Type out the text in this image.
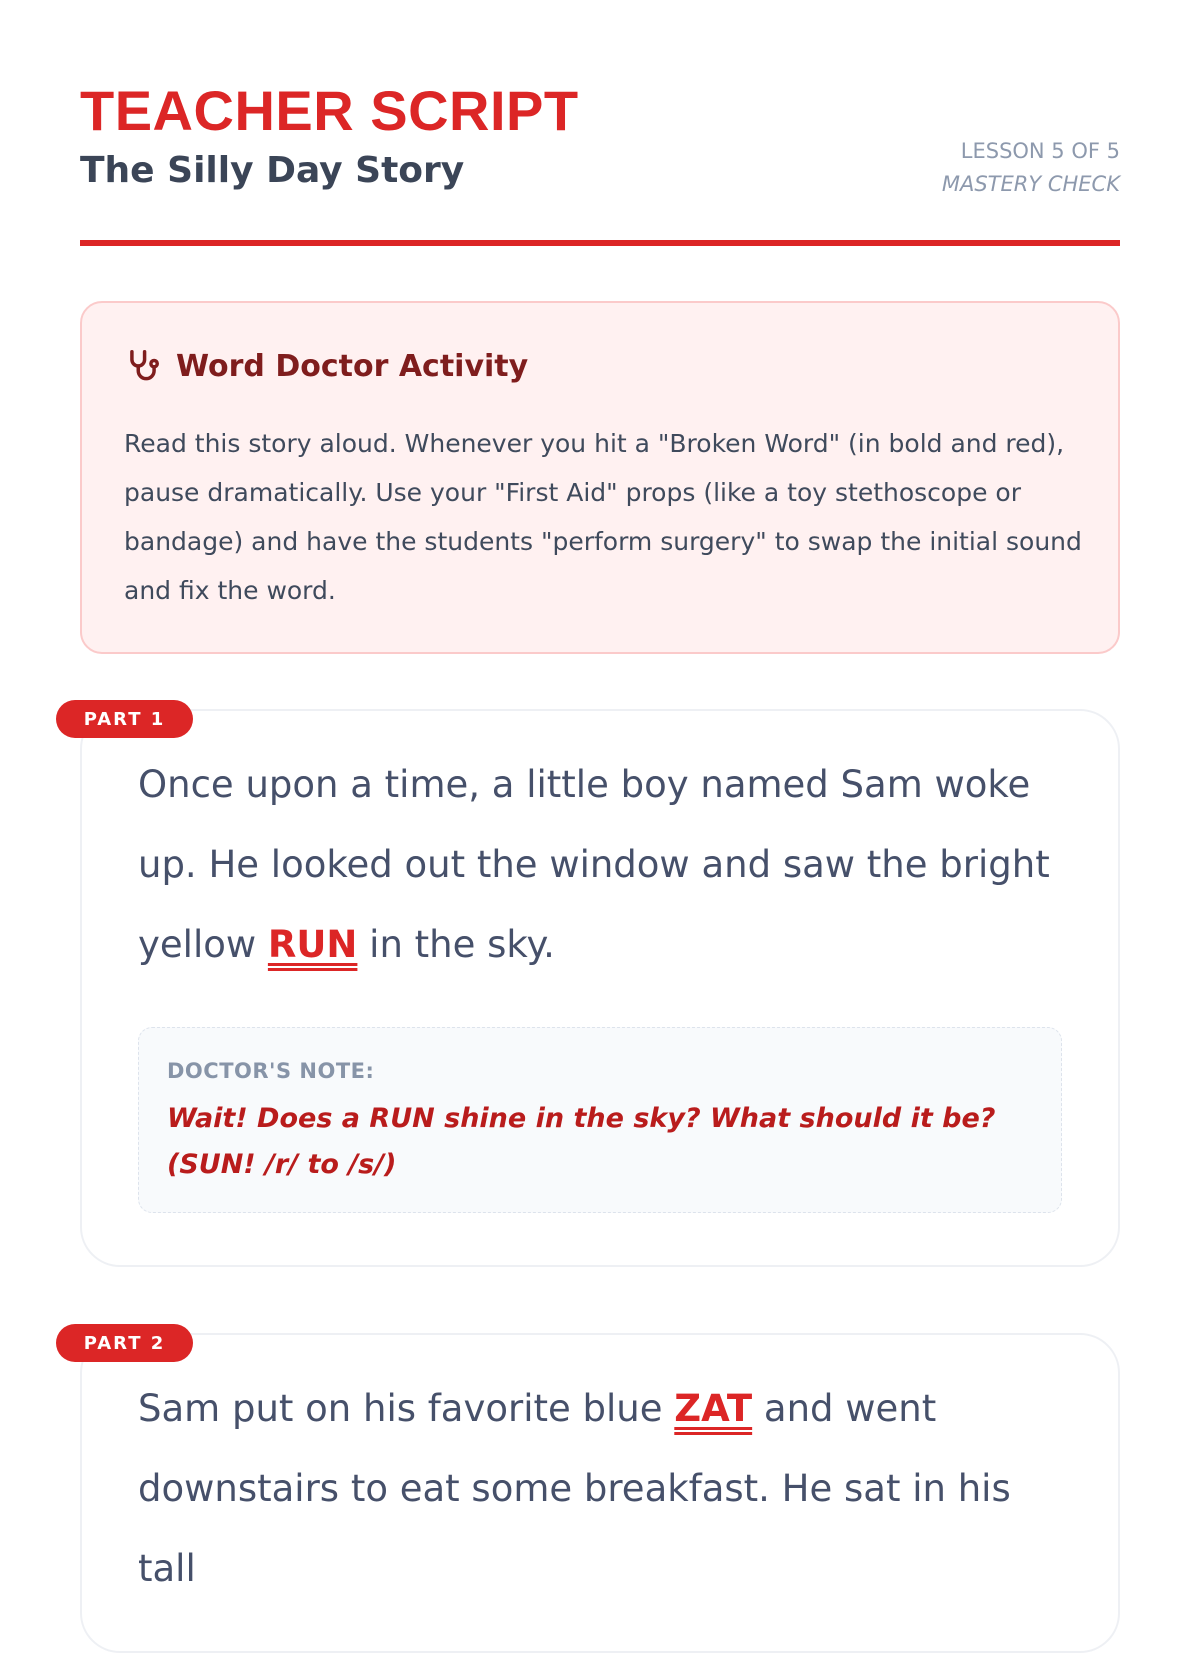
TEACHER SCRIPT
The Silly Day Story	LESSON 5 OF 5
MASTERY CHECK
Word Doctor Activity
Read this story aloud. Whenever you hit a "Broken Word" (in bold and red), pause dramatically. Use your "First Aid" props (like a toy stethoscope or bandage) and have the students "perform surgery" to swap the initial sound and fix the word.
Once upon a time, a little boy named Sam woke up. He looked out the window and saw the bright yellow RUN in the sky.
DOCTOR'S NOTE:
Wait! Does a RUN shine in the sky? What should it be? (SUN! /r/ to /s/)
PART 1
Sam put on his favorite blue ZAT and went downstairs to eat some breakfast. He sat in his tall
PART 2
